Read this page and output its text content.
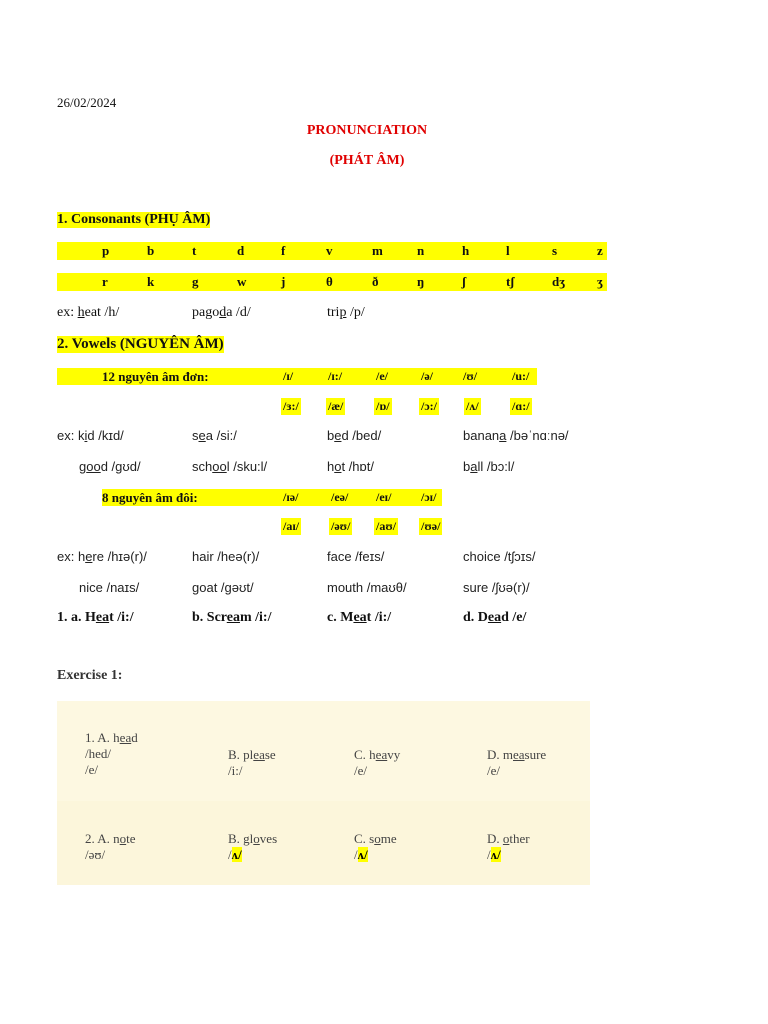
26/02/2024
PRONUNCIATION
(PHÁT ÂM)
1. Consonants (PHỤ ÂM)
p	b	t	d	f	v	m	n	h	l	s	z
r	k	g	w	j	θ	ð	ŋ	ʃ	tʃ	dʒ ʒ
ex: heat /h/	pagoda /d/	trip /p/
2. Vowels (NGUYÊN ÂM)
12 nguyên âm đơn:	/ɪ/	/ɪ:/	/e/	/ə/	/ʊ/	/u:/
/ɜ:/ /æ/	/ɒ/	/ɔ:/ /ʌ/	/ɑ:/
ex: kid /kɪd/	sea /si:/	bed /bed/	banana /bəˈnɑːnə/
good /gʊd/	school /sku:l/	hot /hɒt/	ball /bɔ:l/
8 nguyên âm đôi:	/ɪə/	/eə/ /eɪ/ /ɔɪ/
/aɪ/	/əʊ/ /aʊ/ /ʊə/
ex: here /hɪə(r)/	hair /heə(r)/	face /feɪs/	choice /tʃɔɪs/
nice /naɪs/	goat /gəʊt/	mouth /maʊθ/	sure /ʃʊə(r)/
1. a. Heat /i:/	b. Scream /i:/	c. Meat /i:/	d. Dead /e/
Exercise 1:
1. A. head
/hed/
/e/
B. please
/i:/
C. heavy
/e/
D. measure
/e/
2. A. note
/əʊ/
B. gloves
/ʌ/
C. some
/ʌ/
D. other
/ʌ/
